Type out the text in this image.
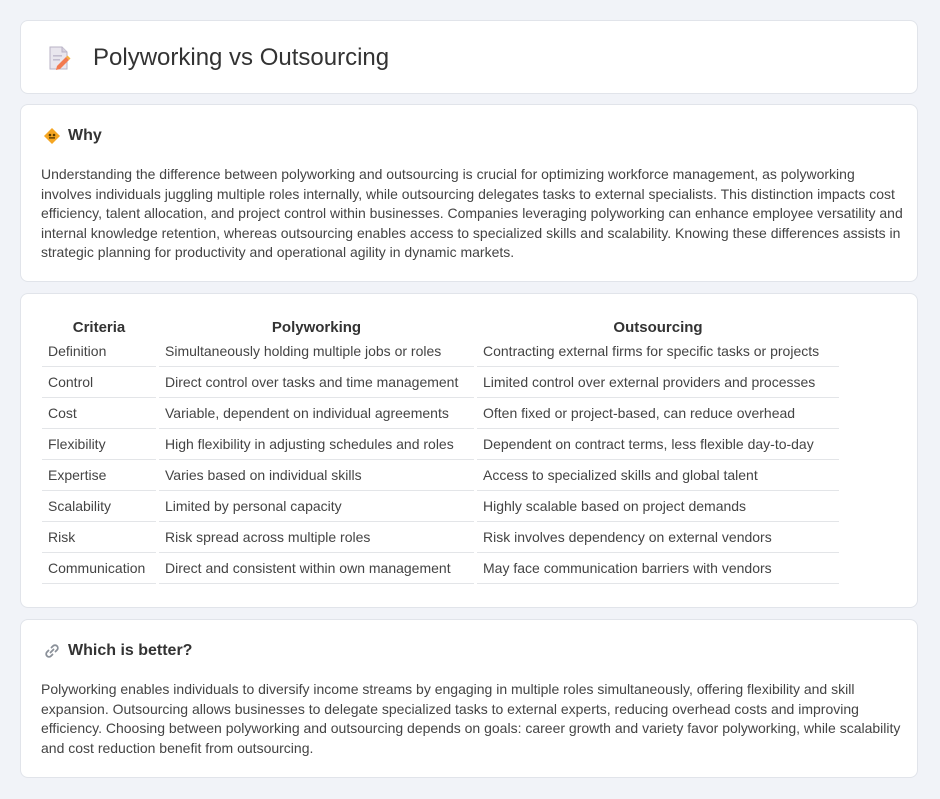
Polyworking vs Outsourcing
Why

Understanding the difference between polyworking and outsourcing is crucial for optimizing workforce management, as polyworking involves individuals juggling multiple roles internally, while outsourcing delegates tasks to external specialists. This distinction impacts cost efficiency, talent allocation, and project control within businesses. Companies leveraging polyworking can enhance employee versatility and internal knowledge retention, whereas outsourcing enables access to specialized skills and scalability. Knowing these differences assists in strategic planning for productivity and operational agility in dynamic markets.

Criteria	Polyworking	Outsourcing
Definition	Simultaneously holding multiple jobs or roles	Contracting external firms for specific tasks or projects
Control	Direct control over tasks and time management	Limited control over external providers and processes
Cost	Variable, dependent on individual agreements	Often fixed or project-based, can reduce overhead
Flexibility	High flexibility in adjusting schedules and roles	Dependent on contract terms, less flexible day-to-day
Expertise	Varies based on individual skills	Access to specialized skills and global talent
Scalability	Limited by personal capacity	Highly scalable based on project demands
Risk	Risk spread across multiple roles	Risk involves dependency on external vendors
Communication	Direct and consistent within own management	May face communication barriers with vendors
Which is better?

Polyworking enables individuals to diversify income streams by engaging in multiple roles simultaneously, offering flexibility and skill expansion. Outsourcing allows businesses to delegate specialized tasks to external experts, reducing overhead costs and improving efficiency. Choosing between polyworking and outsourcing depends on goals: career growth and variety favor polyworking, while scalability and cost reduction benefit from outsourcing.
